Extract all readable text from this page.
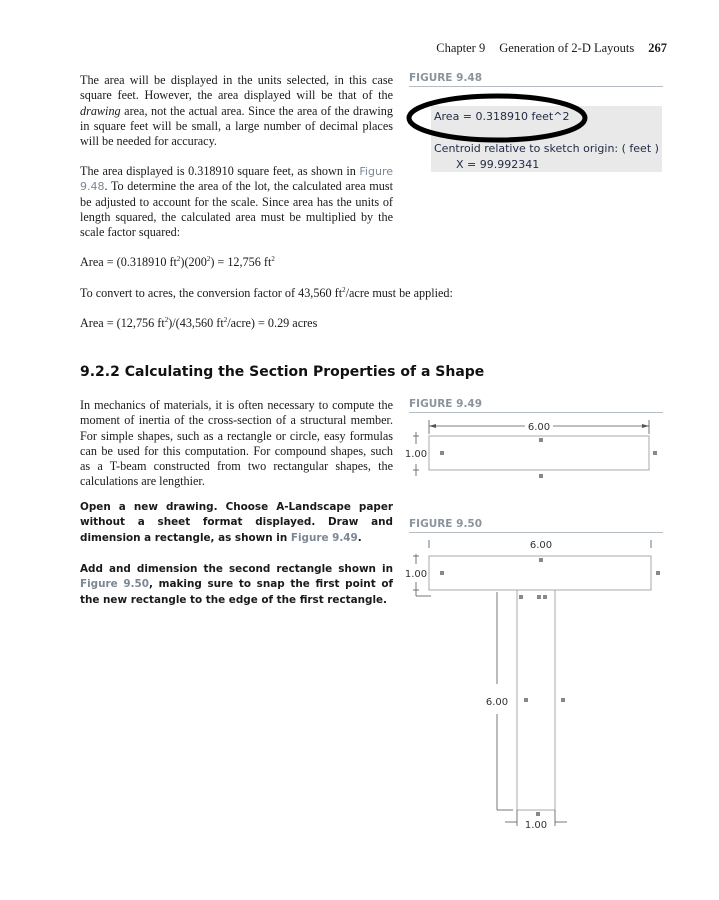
Chapter 9 Generation of 2-D Layouts 267

The area will be displayed in the units selected, in this case square feet. However, the area displayed will be that of the drawing area, not the actual area. Since the area of the drawing in square feet will be small, a large number of decimal places will be needed for accuracy.

The area displayed is 0.318910 square feet, as shown in Figure 9.48. To determine the area of the lot, the calculated area must be adjusted to account for the scale. Since area has the units of length squared, the calculated area must be multiplied by the scale factor squared:

Area = (0.318910 $ft^2)(200^2) = 12,756$ $ft^2$
To convert to acres, the conversion factor of 43,560 $ft^2$/acre must be applied:
Area = (12,756 $ft^2)/(43,560$ $ft^2/acre) = 0.29$ acres
9.2.2 Calculating the Section Properties of a Shape

In mechanics of materials, it is often necessary to compute the moment of inertia of the cross-section of a structural member. For simple shapes, such as a rectangle or circle, easy formulas can be used for this computation. For compound shapes, such as a T-beam constructed from two rectangular shapes, the calculations are lengthier.

Open a new drawing. Choose A-Landscape paper without a sheet format displayed. Draw and dimension a rectangle, as shown in Figure 9.49.
Add and dimension the second rectangle shown in Figure 9.50, making sure to snap the first point of the new rectangle to the edge of the first rectangle.
FIGURE 9.48
Area = 0.318910 feet^2
Centroid relative to sketch origin: ( feet )
X = 99.992341
FIGURE 9.49
6.00
1.00
FIGURE 9.50
6.00
1.00
6.00
1.00
